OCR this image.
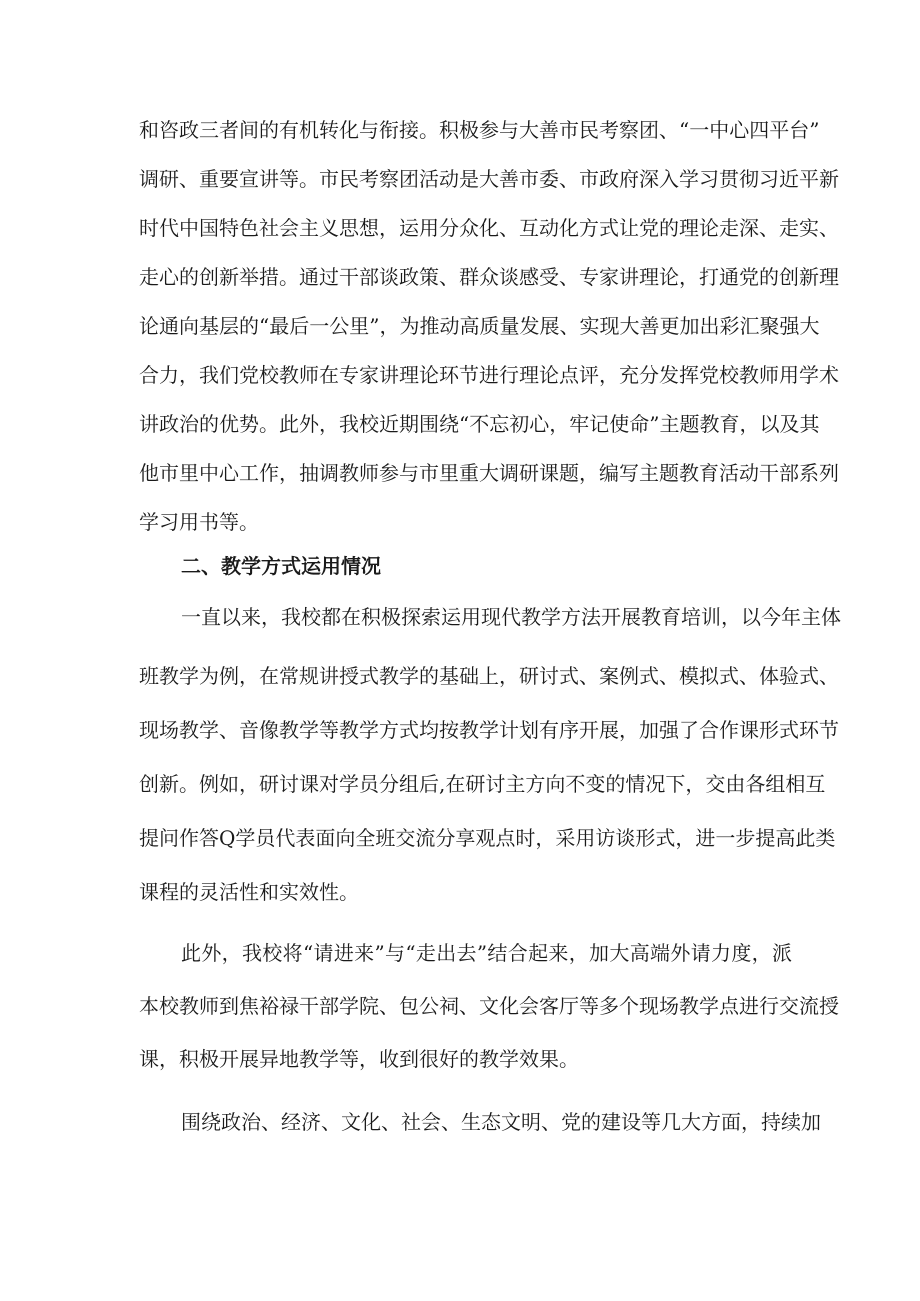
和咨政三者间的有机转化与衔接。积极参与大善市民考察团、“一中心四平台”
调研、重要宣讲等。市民考察团活动是大善市委、市政府深入学习贯彻习近平新
时代中国特色社会主义思想，运用分众化、互动化方式让党的理论走深、走实、
走心的创新举措。通过干部谈政策、群众谈感受、专家讲理论，打通党的创新理
论通向基层的“最后一公里”，为推动高质量发展、实现大善更加出彩汇聚强大
合力，我们党校教师在专家讲理论环节进行理论点评，充分发挥党校教师用学术
讲政治的优势。此外，我校近期围绕“不忘初心，牢记使命”主题教育，以及其
他市里中心工作，抽调教师参与市里重大调研课题，编写主题教育活动干部系列
学习用书等。
二、教学方式运用情况
一直以来，我校都在积极探索运用现代教学方法开展教育培训，以今年主体
班教学为例，在常规讲授式教学的基础上，研讨式、案例式、模拟式、体验式、
现场教学、音像教学等教学方式均按教学计划有序开展，加强了合作课形式环节
创新。例如，研讨课对学员分组后,在研讨主方向不变的情况下，交由各组相互
提问作答Q学员代表面向全班交流分享观点时，采用访谈形式，进一步提高此类
课程的灵活性和实效性。
此外，我校将“请进来”与“走出去”结合起来，加大高端外请力度，派
本校教师到焦裕禄干部学院、包公祠、文化会客厅等多个现场教学点进行交流授
课，积极开展异地教学等，收到很好的教学效果。
围绕政治、经济、文化、社会、生态文明、党的建设等几大方面，持续加
